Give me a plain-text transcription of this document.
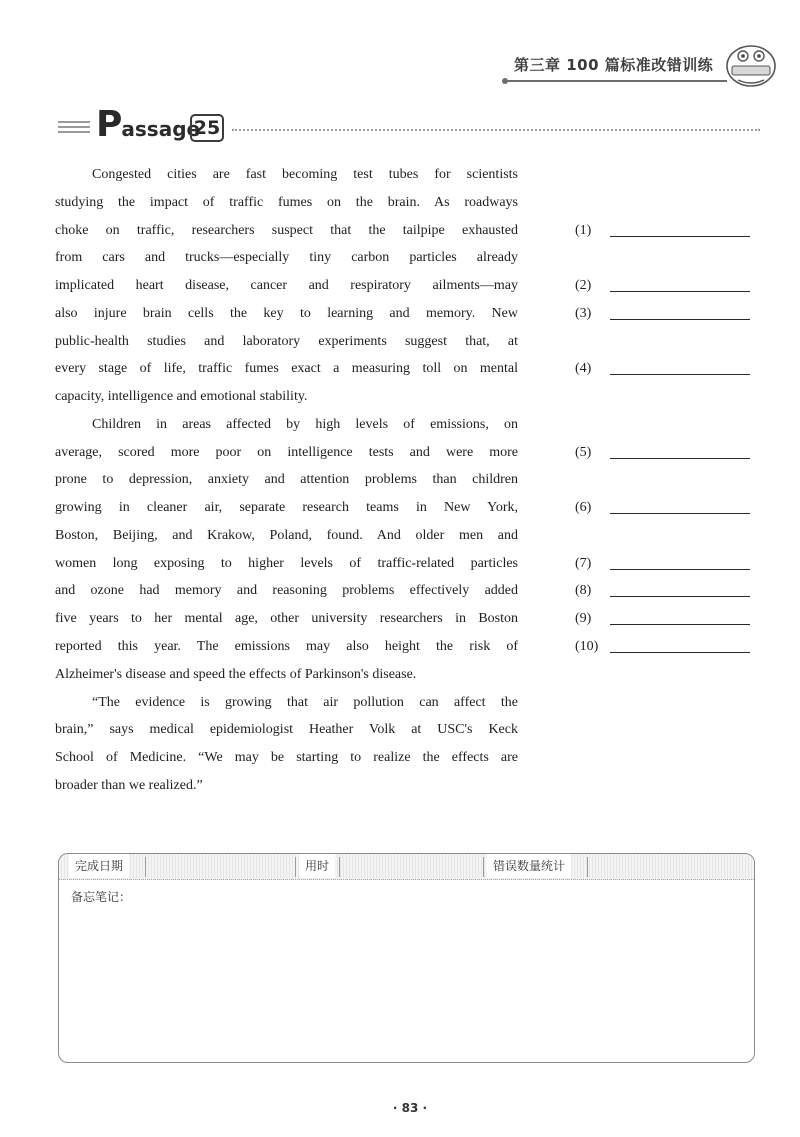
第三章 100 篇标准改错训练
Passage
25
Congested cities are fast becoming test tubes for scientists
studying the impact of traffic fumes on the brain. As roadways
choke on traffic, researchers suspect that the tailpipe exhausted
from cars and trucks—especially tiny carbon particles already
implicated heart disease, cancer and respiratory ailments—may
also injure brain cells the key to learning and memory. New
public-health studies and laboratory experiments suggest that, at
every stage of life, traffic fumes exact a measuring toll on mental
capacity, intelligence and emotional stability.
Children in areas affected by high levels of emissions, on
average, scored more poor on intelligence tests and were more
prone to depression, anxiety and attention problems than children
growing in cleaner air, separate research teams in New York,
Boston, Beijing, and Krakow, Poland, found. And older men and
women long exposing to higher levels of traffic-related particles
and ozone had memory and reasoning problems effectively added
five years to her mental age, other university researchers in Boston
reported this year. The emissions may also height the risk of
Alzheimer's disease and speed the effects of Parkinson's disease.
“The evidence is growing that air pollution can affect the
brain,” says medical epidemiologist Heather Volk at USC's Keck
School of Medicine. “We may be starting to realize the effects are
broader than we realized.”
(1)
(2)
(3)
(4)
(5)
(6)
(7)
(8)
(9)
(10)
完成日期	用时	错误数量统计
备忘笔记：
· 83 ·
